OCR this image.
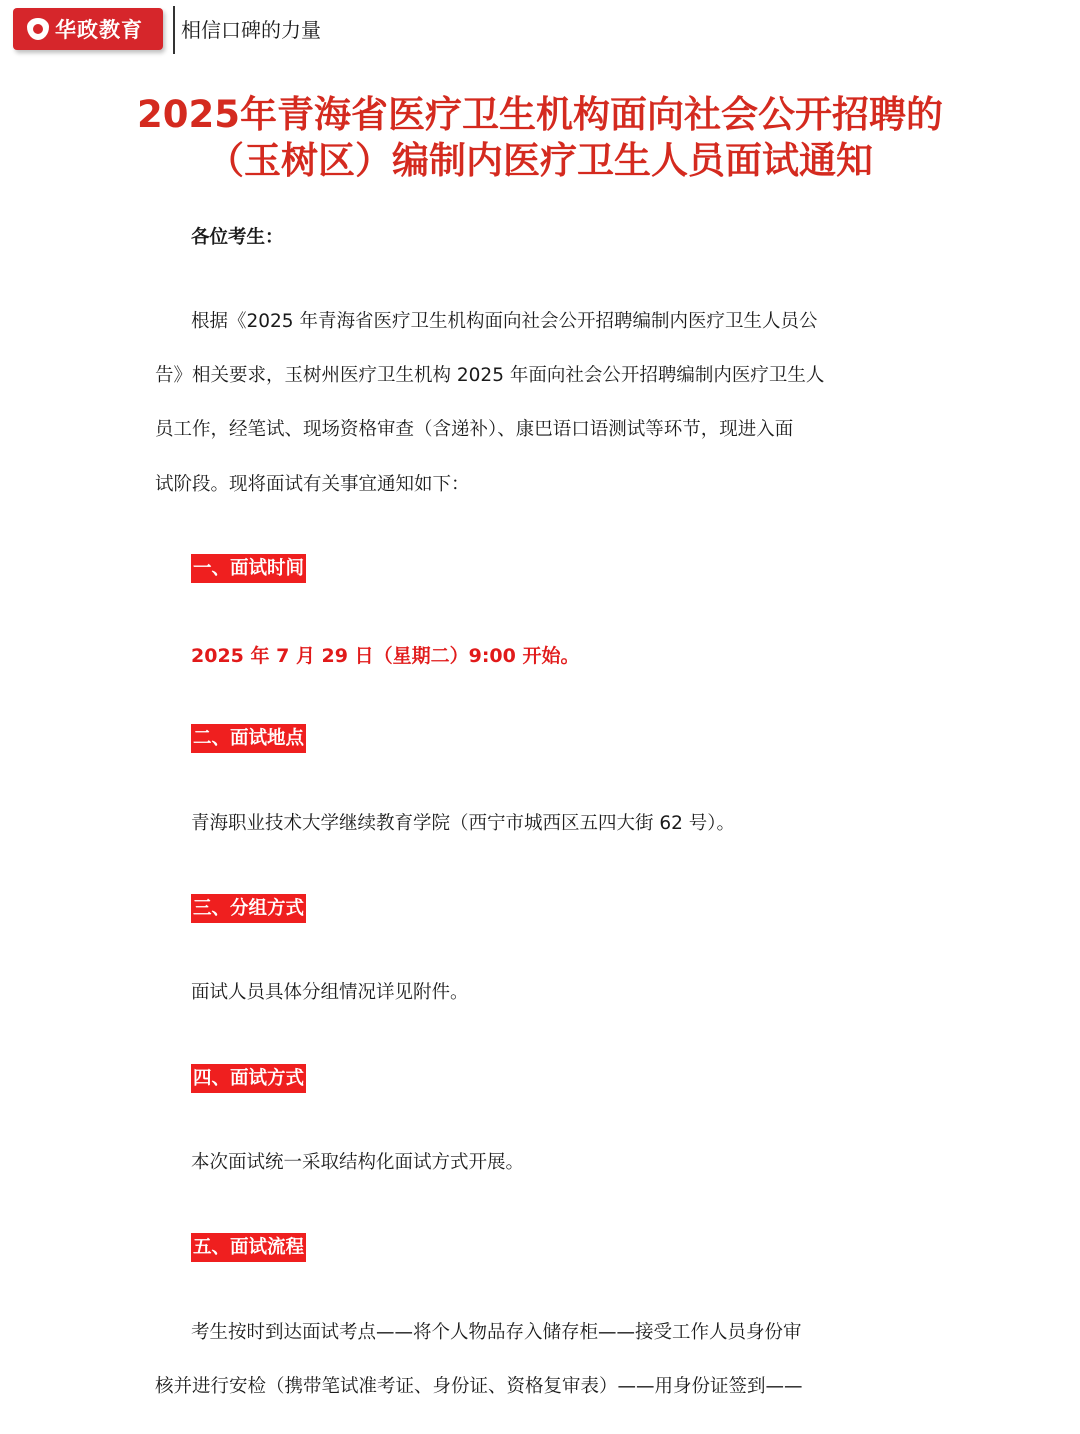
华政教育 相信口碑的力量
2025年青海省医疗卫生机构面向社会公开招聘的
（玉树区）编制内医疗卫生人员面试通知
各位考生：
根据《2025 年青海省医疗卫生机构面向社会公开招聘编制内医疗卫生人员公
告》相关要求，玉树州医疗卫生机构 2025 年面向社会公开招聘编制内医疗卫生人
员工作，经笔试、现场资格审查（含递补）、康巴语口语测试等环节，现进入面
试阶段。现将面试有关事宜通知如下：
一、面试时间
2025 年 7 月 29 日（星期二）9:00 开始。
二、面试地点
青海职业技术大学继续教育学院（西宁市城西区五四大街 62 号）。
三、分组方式
面试人员具体分组情况详见附件。
四、面试方式
本次面试统一采取结构化面试方式开展。
五、面试流程
考生按时到达面试考点——将个人物品存入储存柜——接受工作人员身份审
核并进行安检（携带笔试准考证、身份证、资格复审表）——用身份证签到——
